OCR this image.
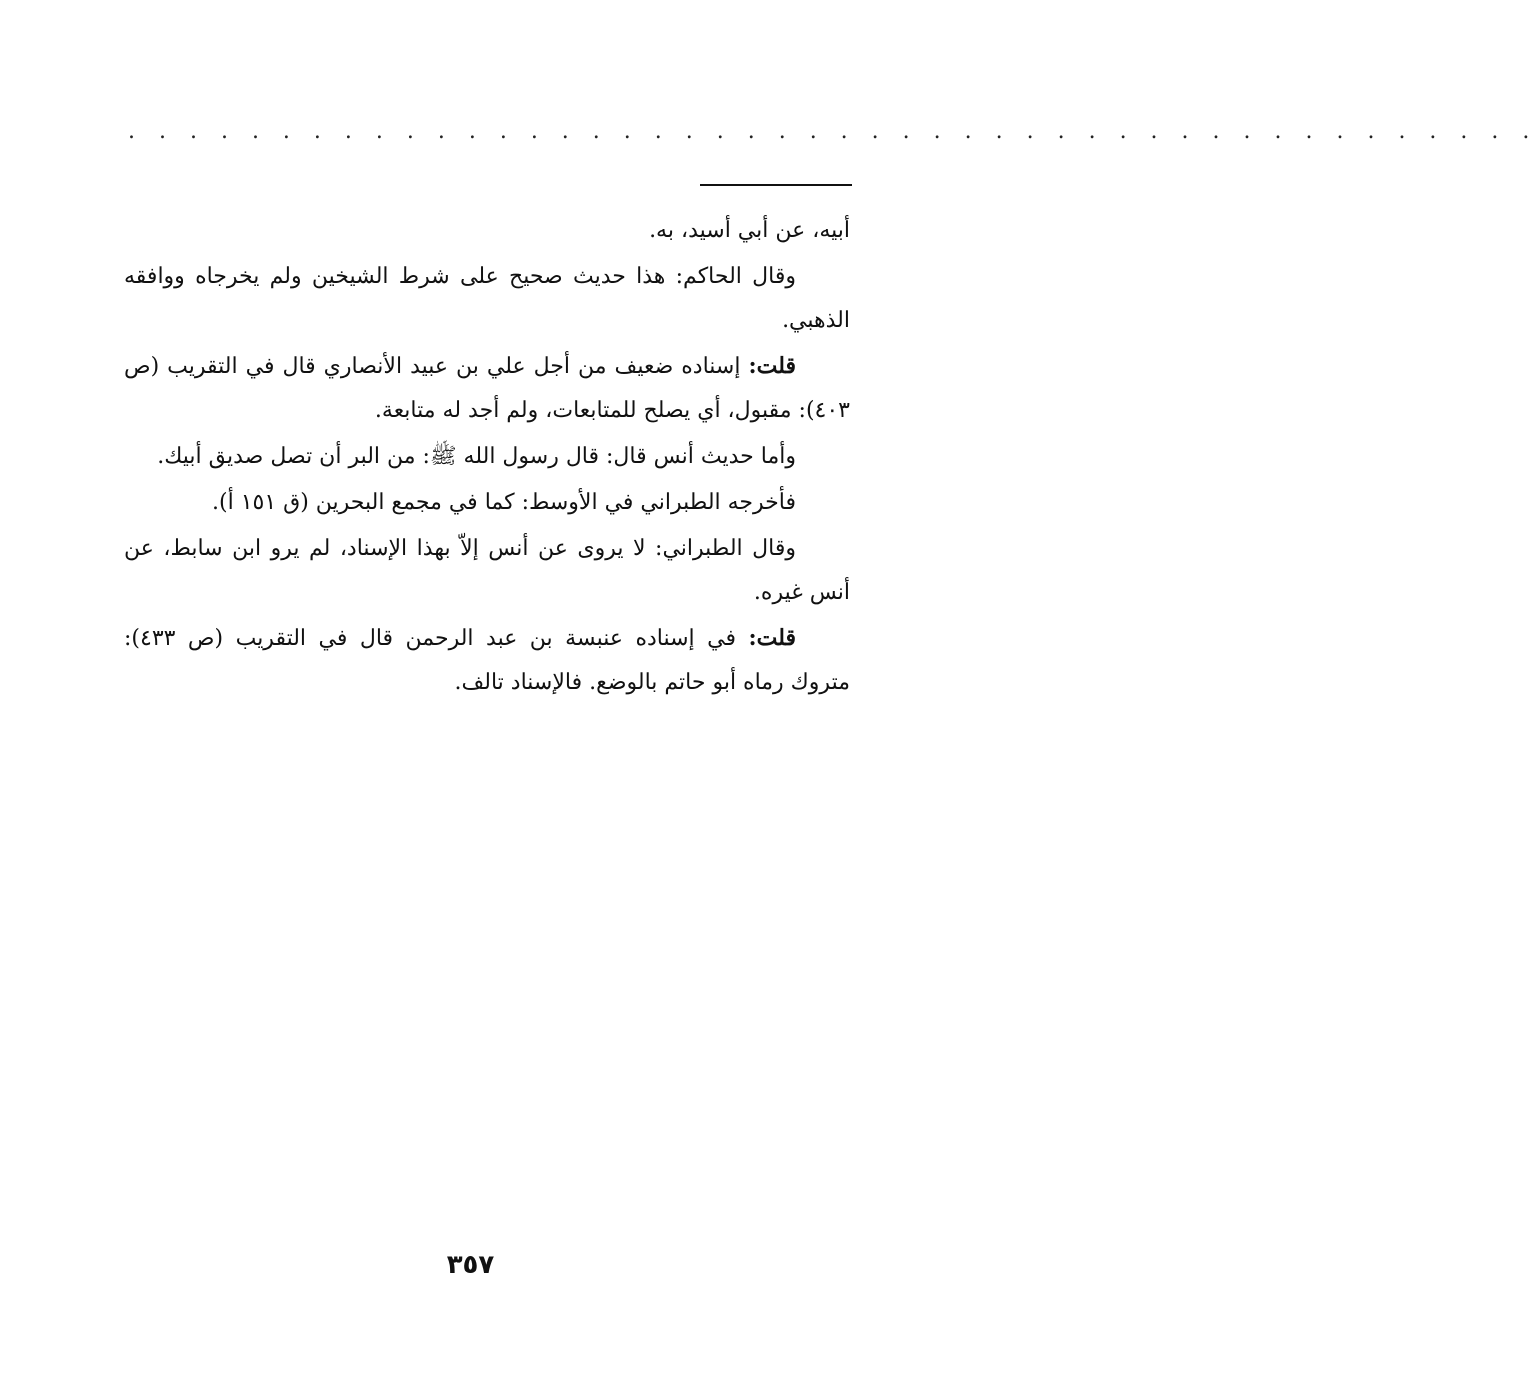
. . . . . . . . . . . . . . . . . . . . . . . . . . . . . . . . . . . . . . . . . . . . . .

أبيه، عن أبي أسيد، به.

وقال الحاكم: هذا حديث صحيح على شرط الشيخين ولم يخرجاه ووافقه الذهبي.

قلت: إسناده ضعيف من أجل علي بن عبيد الأنصاري قال في التقريب (ص ٤٠٣): مقبول، أي يصلح للمتابعات، ولم أجد له متابعة.

وأما حديث أنس قال: قال رسول الله ﷺ: من البر أن تصل صديق أبيك.

فأخرجه الطبراني في الأوسط: كما في مجمع البحرين (ق ١٥١ أ).

وقال الطبراني: لا يروى عن أنس إلاّ بهذا الإسناد، لم يرو ابن سابط، عن أنس غيره.

قلت: في إسناده عنبسة بن عبد الرحمن قال في التقريب (ص ٤٣٣): متروك رماه أبو حاتم بالوضع. فالإسناد تالف.

٣٥٧
